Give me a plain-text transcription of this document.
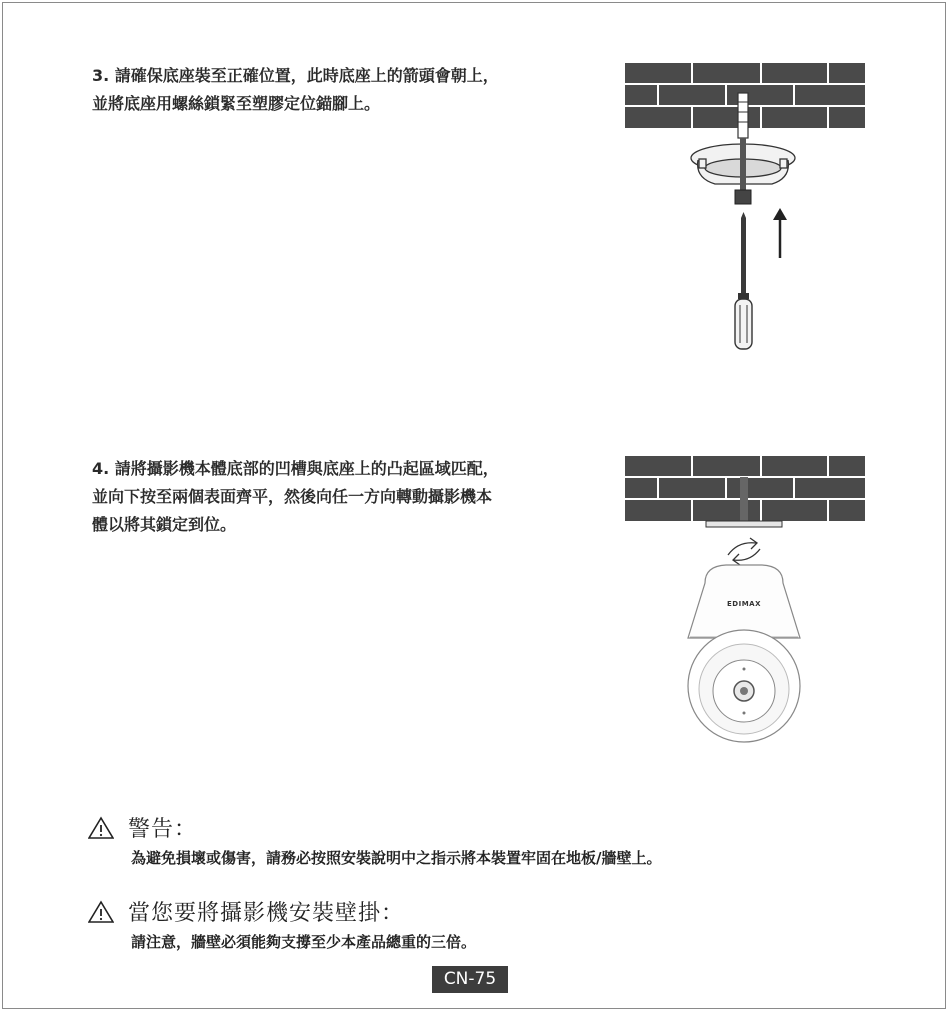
3. 請確保底座裝至正確位置，此時底座上的箭頭會朝上，

並將底座用螺絲鎖緊至塑膠定位錨腳上。

4. 請將攝影機本體底部的凹槽與底座上的凸起區域匹配，

並向下按至兩個表面齊平，然後向任一方向轉動攝影機本

體以將其鎖定到位。

EDIMAX
警告：
為避免損壞或傷害，請務必按照安裝說明中之指示將本裝置牢固在地板/牆壁上。
當您要將攝影機安裝壁掛：
請注意，牆壁必須能夠支撐至少本產品總重的三倍。
CN-75
